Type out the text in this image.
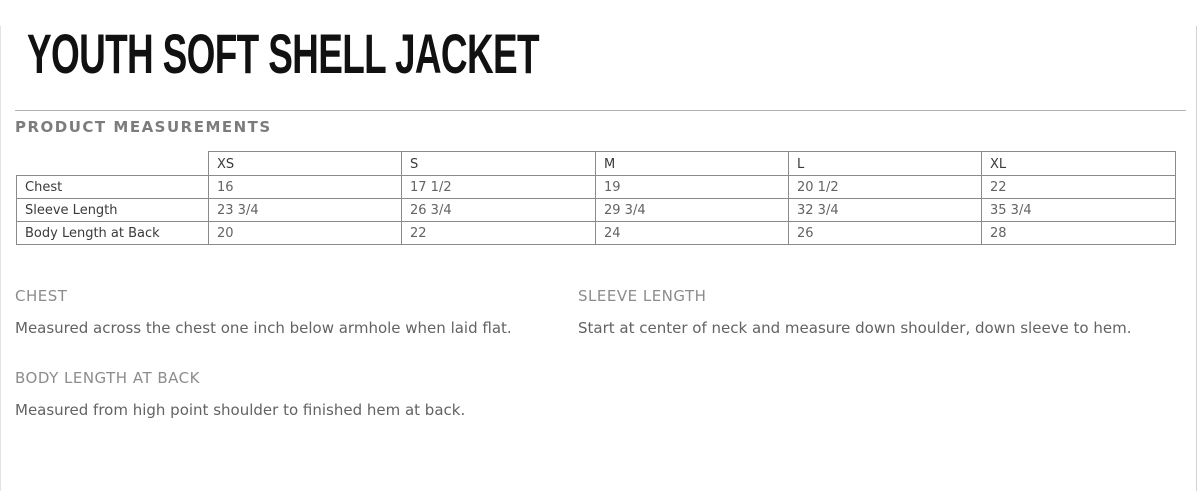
YOUTH SOFT SHELL JACKET
PRODUCT MEASUREMENTS
	XS	S	M	L	XL
Chest	16	17 1/2	19	20 1/2	22
Sleeve Length	23 3/4	26 3/4	29 3/4	32 3/4	35 3/4
Body Length at Back	20	22	24	26	28
CHEST

Measured across the chest one inch below armhole when laid flat.

SLEEVE LENGTH

Start at center of neck and measure down shoulder, down sleeve to hem.

BODY LENGTH AT BACK

Measured from high point shoulder to finished hem at back.
